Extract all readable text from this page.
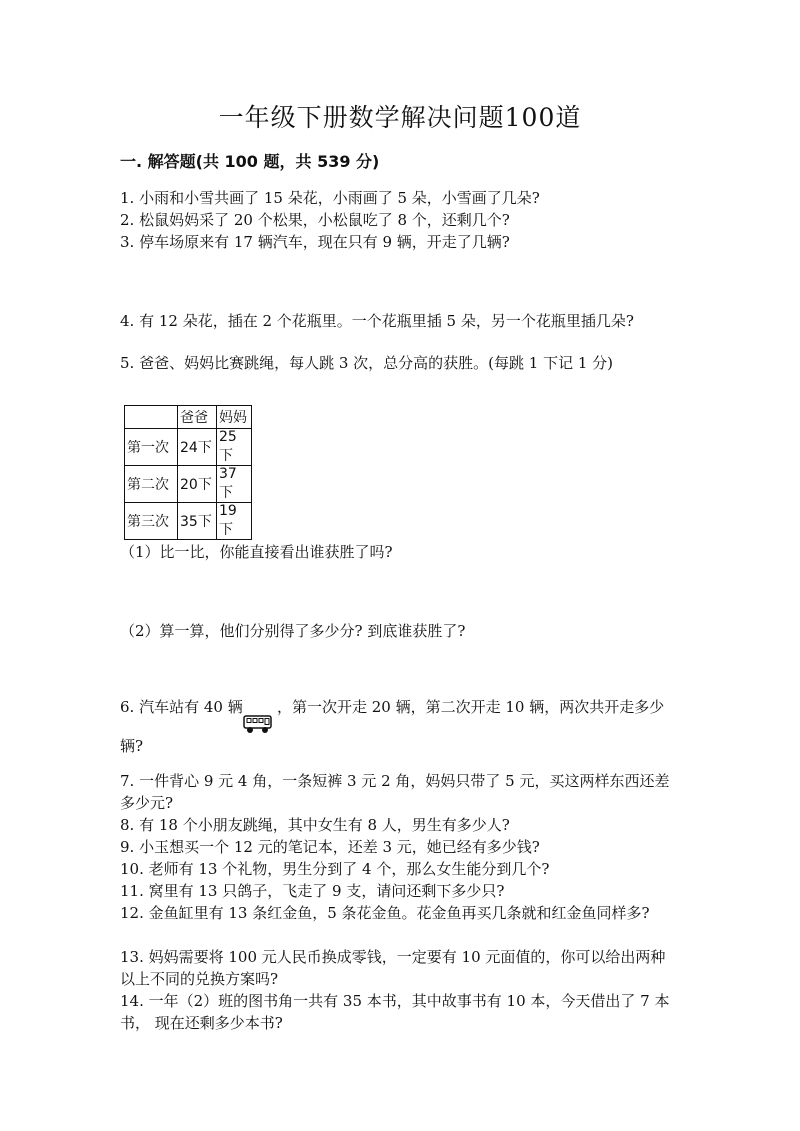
一年级下册数学解决问题100道
一. 解答题(共 100 题，共 539 分)
1. 小雨和小雪共画了 15 朵花，小雨画了 5 朵，小雪画了几朵?
2. 松鼠妈妈采了 20 个松果，小松鼠吃了 8 个，还剩几个?
3. 停车场原来有 17 辆汽车，现在只有 9 辆，开走了几辆?
4. 有 12 朵花，插在 2 个花瓶里。一个花瓶里插 5 朵，另一个花瓶里插几朵?
5. 爸爸、妈妈比赛跳绳，每人跳 3 次，总分高的获胜。(每跳 1 下记 1 分)
	爸爸	妈妈
第一次	24下	25下
第二次	20下	37下
第三次	35下	19下
（1）比一比，你能直接看出谁获胜了吗?
（2）算一算，他们分别得了多少分? 到底谁获胜了?
6. 汽车站有 40 辆	，第一次开走 20 辆，第二次开走 10 辆，两次共开走多少
辆?
7. 一件背心 9 元 4 角，一条短裤 3 元 2 角，妈妈只带了 5 元，买这两样东西还差多少元?
8. 有 18 个小朋友跳绳，其中女生有 8 人，男生有多少人?
9. 小玉想买一个 12 元的笔记本，还差 3 元，她已经有多少钱?
10. 老师有 13 个礼物，男生分到了 4 个，那么女生能分到几个?
11. 窝里有 13 只鸽子，飞走了 9 支，请问还剩下多少只?
12. 金鱼缸里有 13 条红金鱼，5 条花金鱼。花金鱼再买几条就和红金鱼同样多?
13. 妈妈需要将 100 元人民币换成零钱，一定要有 10 元面值的，你可以给出两种以上不同的兑换方案吗?
14. 一年（2）班的图书角一共有 35 本书，其中故事书有 10 本，今天借出了 7 本书， 现在还剩多少本书?
